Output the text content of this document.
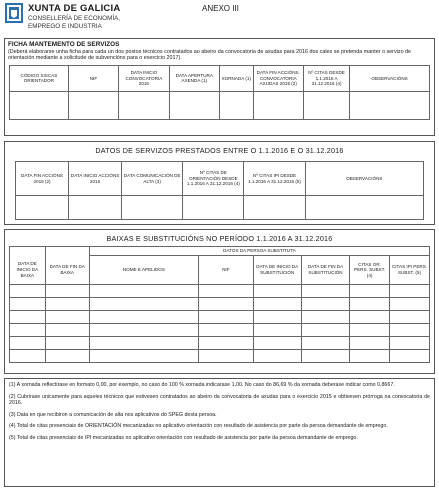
XUNTA DE GALICIA
CONSELLERÍA DE ECONOMÍA,
EMPREGO E INDUSTRIA
ANEXO III
FICHA MANTEMENTO DE SERVIZOS
(Deberá elaborarse unha ficha para cada un dos postos técnicos contratados ao abeiro da convocatoria de axudas para 2016 dos cales se pretenda manter o servizo de orientación mediante a solicitude de subvencións para o exercicio 2017).
CÓDIGO SISCAS ORIENTADOR	NIF	DATA INICIO CONVOCATORIA 2016	DATA APERTURA AXENDA (1)	XORNADA (1)	DATA FIN ACCIÓNS. CONVOCATORIA AXUDAS 2015 (2)	Nº CITAS DESDE 1.1.2016 A 31.12.2016 (4)	OBSERVACIÓNS

DATOS DE SERVIZOS PRESTADOS ENTRE O 1.1.2016 E O 31.12.2016
DATA FIN ACCIÓNS 2015 (2)	DATA INICIO ACCIÓNS 2016	DATA COMUNICACIÓN DE ALTA (3)	Nº CITAS DE ORIENTACIÓN DESDE 1.1.2016 A 31.12.2016 (4)	Nº CITAS IPI DESDE 1.1.2016 A 31.12.2016 (5)	OBSERVACIÓNS

BAIXAS E SUBSTITUCIÓNS NO PERÍODO 1.1.2016 A 31.12.2016
		DATOS DA PERSOA SUBSTITUTA					
DATA DE INICIO DA BAIXA	DATA DE FIN DA BAIXA	NOME E APELIDOS	NIF	DATA DE INICIO DA SUBSTITUCIÓN	DATA DE FIN DA SUBSTITUCIÓN	CITAS OR. PERS. SUBST. (4)	CITAS IPI PERS. SUBST. (5)

(1) A xornada reflectirase en formato 0,00, por exemplo, no caso do 100 % xornada indicarase 1,00. No caso do 86,69 % da xornada deberase indicar como 0,8667.
(2) Cubrirase unicamente para aqueles técnicos que estivesen contratados ao abeiro da convocatoria de axudas para o exercicio 2015 e obtivesen prórroga na convocatoria de 2016.
(3) Data en que recibiron a comunicación de alta nos aplicativos do SPEG desta persoa.
(4) Total de citas presenciais de ORIENTACIÓN mecanizadas no aplicativo orientación con resultado de asistencia por parte da persoa demandante de emprego.
(5) Total de citas presenciais de IPI mecanizadas no aplicativo orientación con resultado de asistencia por parte da persoa demandante de emprego.
